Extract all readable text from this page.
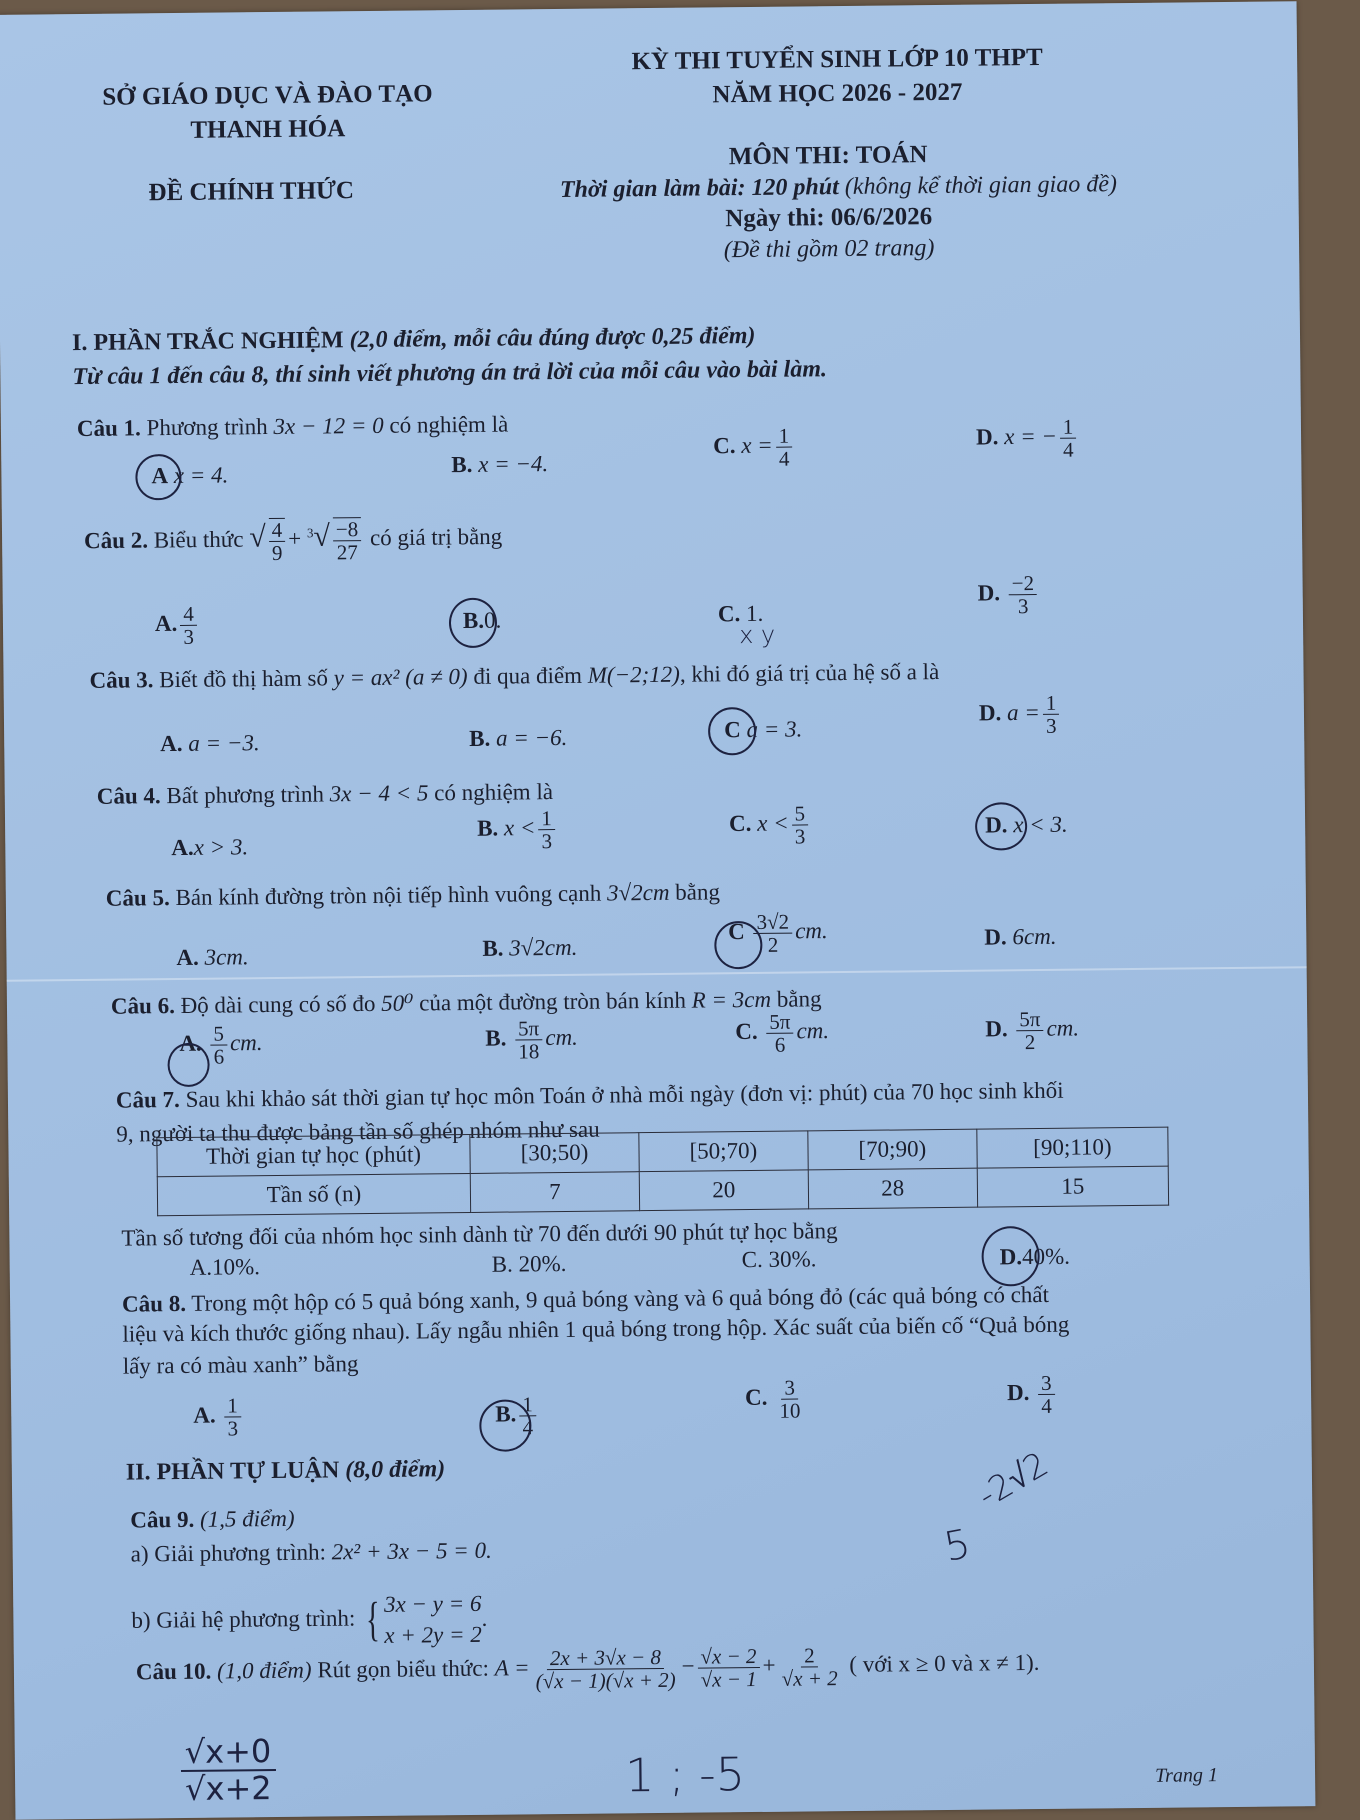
SỞ GIÁO DỤC VÀ ĐÀO TẠO
THANH HÓA
ĐỀ CHÍNH THỨC
KỲ THI TUYỂN SINH LỚP 10 THPT
NĂM HỌC 2026 - 2027
MÔN THI: TOÁN
Thời gian làm bài: 120 phút (không kể thời gian giao đề)
Ngày thi: 06/6/2026
(Đề thi gồm 02 trang)
I. PHẦN TRẮC NGHIỆM (2,0 điểm, mỗi câu đúng được 0,25 điểm)
Từ câu 1 đến câu 8, thí sinh viết phương án trả lời của mỗi câu vào bài làm.
Câu 1. Phương trình 3x − 12 = 0 có nghiệm là
A x = 4.	B. x = −4.
C. $x = \frac{1}{4}$	D. x = − $\frac{1}{4}$
Câu 2. Biểu thức √ $\frac{4}{9} + ^3√ \frac{-8}{27}$ có giá trị bằng
A. $\frac{4}{3}$	B.0.	C. 1.
D. $\frac{-2}{3}$
x y
Câu 3. Biết đồ thị hàm số y = ax² (a ≠ 0) đi qua điểm M(−2;12), khi đó giá trị của hệ số a là
A. a = −3.	B. a = −6.	C a = 3.
D. $a = \frac{1}{3}$
Câu 4. Bất phương trình 3x − 4 < 5 có nghiệm là
A.x > 3.
B. $x < \frac{1}{3}$	C. $x < \frac{5}{3}$	D. x < 3.
Câu 5. Bán kính đường tròn nội tiếp hình vuông cạnh 3√2cm bằng
A. 3cm.	B. 3√2cm.
C $\frac{3√2}{2}$ cm.	D. 6cm.
Câu 6. Độ dài cung có số đo 50⁰ của một đường tròn bán kính R = 3cm bằng
A. $\frac{5}{6}$ cm.	B. $\frac{5\pi}{18}$ cm.	C. $\frac{5\pi}{6}$ cm.	D. $\frac{5\pi}{2}$ cm.
Câu 7. Sau khi khảo sát thời gian tự học môn Toán ở nhà mỗi ngày (đơn vị: phút) của 70 học sinh khối
9, người ta thu được bảng tần số ghép nhóm như sau
Thời gian tự học (phút)	[30;50)	[50;70)	[70;90)	[90;110)
Tần số (n)	7	20	28	15
Tần số tương đối của nhóm học sinh dành từ 70 đến dưới 90 phút tự học bằng
A.10%.	B. 20%.	C. 30%.	D.40%.
Câu 8. Trong một hộp có 5 quả bóng xanh, 9 quả bóng vàng và 6 quả bóng đỏ (các quả bóng có chất
liệu và kích thước giống nhau). Lấy ngẫu nhiên 1 quả bóng trong hộp. Xác suất của biến cố “Quả bóng
lấy ra có màu xanh” bằng
A. $\frac{1}{3}$	B. $\frac{1}{4}$	C. $\frac{3}{10}$	D. $\frac{3}{4}$
II. PHẦN TỰ LUẬN (8,0 điểm)
Câu 9. (1,5 điểm)
a) Giải phương trình: 2x² + 3x − 5 = 0.
b) Giải hệ phương trình: { 3x − y = 6
x + 2y = 2
.
Câu 10. (1,0 điểm) Rút gọn biểu thức: $A = \frac{2x + 3√x - 8}{(√x - 1)(√x + 2)} - \frac{√x - 2}{√x - 1} + \frac{2}{√x + 2}$ ( với x ≥ 0 và x ≠ 1).
-2√2
5
1 ; -5
√x+0
√x+2	Trang 1
